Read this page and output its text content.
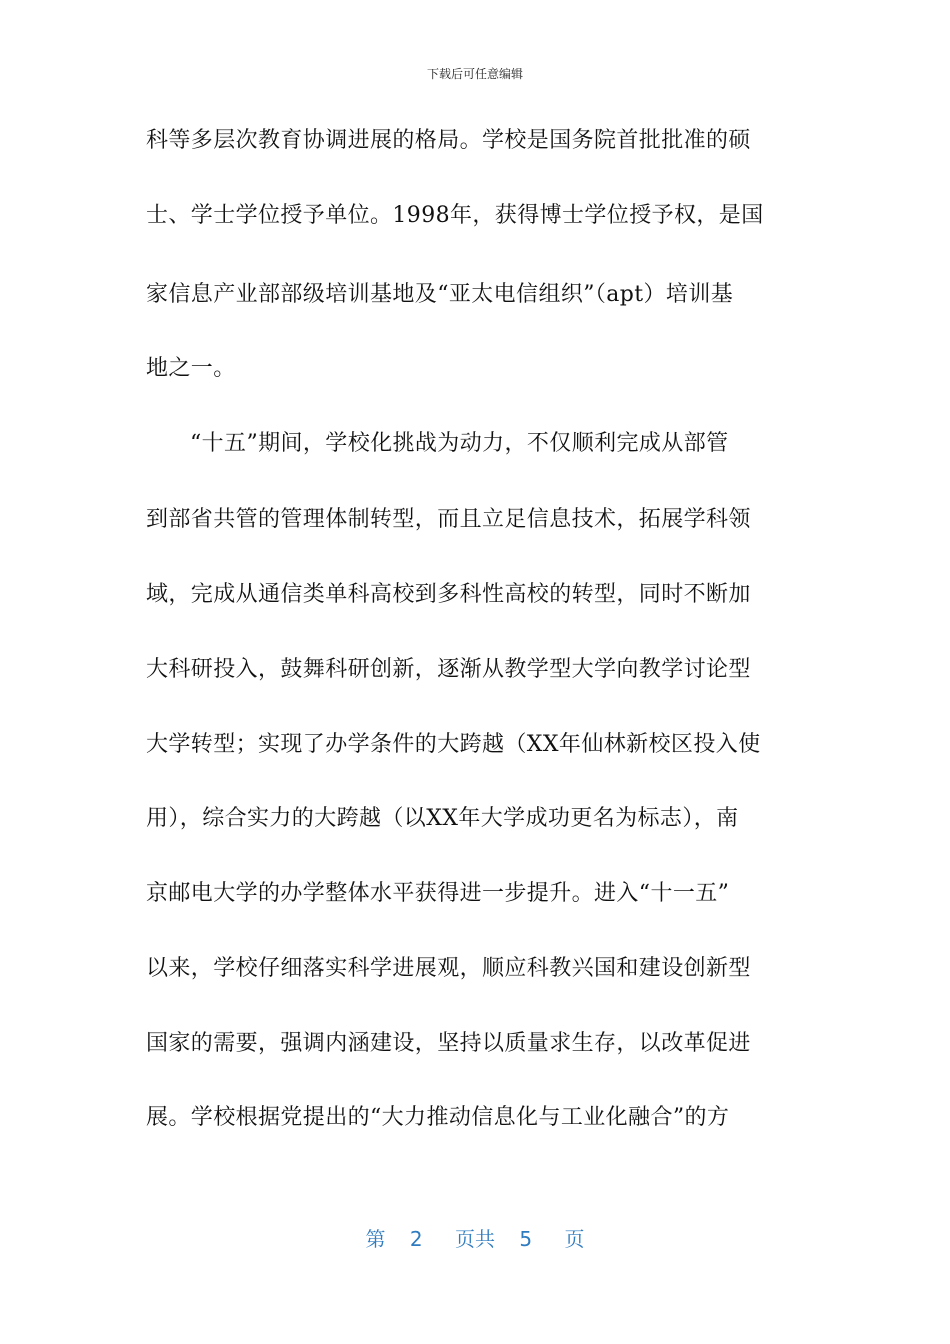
下载后可任意编辑
科等多层次教育协调进展的格局。学校是国务院首批批准的硕
士、学士学位授予单位。1998年，获得博士学位授予权，是国
家信息产业部部级培训基地及“亚太电信组织”（apt）培训基
地之一。
“十五”期间，学校化挑战为动力，不仅顺利完成从部管
到部省共管的管理体制转型，而且立足信息技术，拓展学科领
域，完成从通信类单科高校到多科性高校的转型，同时不断加
大科研投入，鼓舞科研创新，逐渐从教学型大学向教学讨论型
大学转型；实现了办学条件的大跨越（XX年仙林新校区投入使
用），综合实力的大跨越（以XX年大学成功更名为标志），南
京邮电大学的办学整体水平获得进一步提升。进入“十一五”
以来，学校仔细落实科学进展观，顺应科教兴国和建设创新型
国家的需要，强调内涵建设，坚持以质量求生存，以改革促进
展。学校根据党提出的“大力推动信息化与工业化融合”的方
第 2 页共 5 页
